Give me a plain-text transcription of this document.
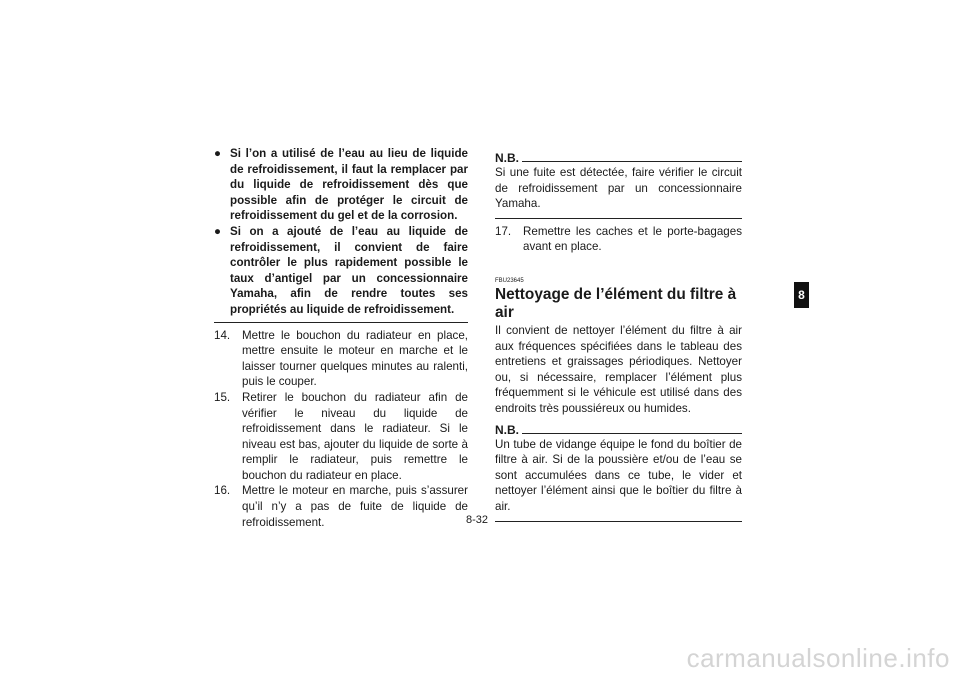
● Si l’on a utilisé de l’eau au lieu de liquide de refroidissement, il faut la remplacer par du liquide de refroidissement dès que possible afin de protéger le circuit de refroidissement du gel et de la corrosion.
● Si on a ajouté de l’eau au liquide de refroidissement, il convient de faire contrôler le plus rapidement possible le taux d’antigel par un concessionnaire Yamaha, afin de rendre toutes ses propriétés au liquide de refroidissement.
14. Mettre le bouchon du radiateur en place, mettre ensuite le moteur en marche et le laisser tourner quelques minutes au ralenti, puis le couper.
15. Retirer le bouchon du radiateur afin de vérifier le niveau du liquide de refroidissement dans le radiateur. Si le niveau est bas, ajouter du liquide de sorte à remplir le radiateur, puis remettre le bouchon du radiateur en place.
16. Mettre le moteur en marche, puis s’assurer qu’il n’y a pas de fuite de liquide de refroidissement.
N.B.
Si une fuite est détectée, faire vérifier le circuit de refroidissement par un concessionnaire Yamaha.
17. Remettre les caches et le porte-bagages avant en place.
FBU23645
Nettoyage de l’élément du filtre à air
Il convient de nettoyer l’élément du filtre à air aux fréquences spécifiées dans le tableau des entretiens et graissages périodiques. Nettoyer ou, si nécessaire, remplacer l’élément plus fréquemment si le véhicule est utilisé dans des endroits très poussiéreux ou humides.
N.B.
Un tube de vidange équipe le fond du boîtier de filtre à air. Si de la poussière et/ou de l’eau se sont accumulées dans ce tube, le vider et nettoyer l’élément ainsi que le boîtier du filtre à air.
8
8-32
carmanualsonline.info
